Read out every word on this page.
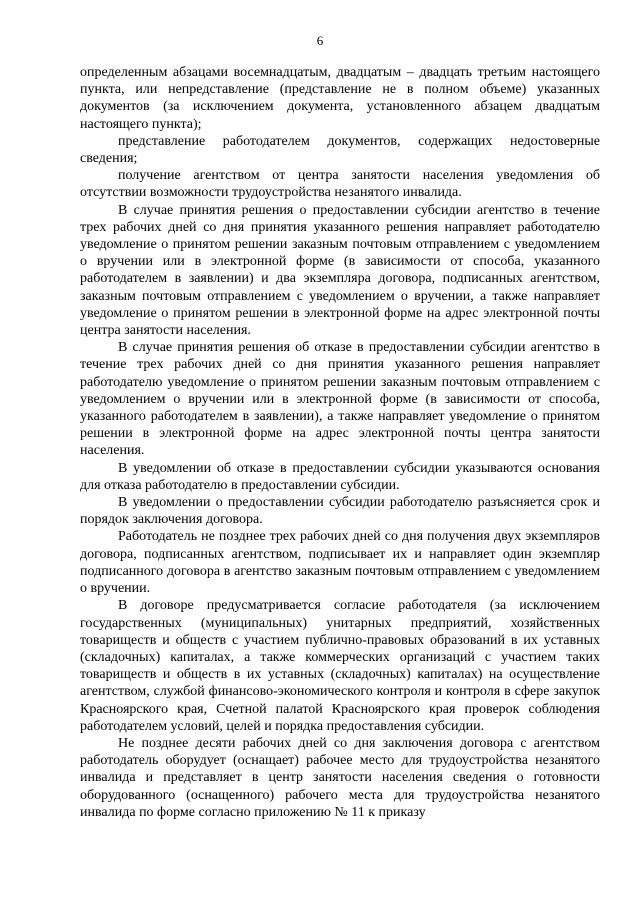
6

определенным абзацами восемнадцатым, двадцатым – двадцать третьим настоящего пункта, или непредставление (представление не в полном объеме) указанных документов (за исключением документа, установленного абзацем двадцатым настоящего пункта);

представление работодателем документов, содержащих недостоверные сведения;

получение агентством от центра занятости населения уведомления об отсутствии возможности трудоустройства незанятого инвалида.

В случае принятия решения о предоставлении субсидии агентство в течение трех рабочих дней со дня принятия указанного решения направляет работодателю уведомление о принятом решении заказным почтовым отправлением с уведомлением о вручении или в электронной форме (в зависимости от способа, указанного работодателем в заявлении) и два экземпляра договора, подписанных агентством, заказным почтовым отправлением с уведомлением о вручении, а также направляет уведомление о принятом решении в электронной форме на адрес электронной почты центра занятости населения.

В случае принятия решения об отказе в предоставлении субсидии агентство в течение трех рабочих дней со дня принятия указанного решения направляет работодателю уведомление о принятом решении заказным почтовым отправлением с уведомлением о вручении или в электронной форме (в зависимости от способа, указанного работодателем в заявлении), а также направляет уведомление о принятом решении в электронной форме на адрес электронной почты центра занятости населения.

В уведомлении об отказе в предоставлении субсидии указываются основания для отказа работодателю в предоставлении субсидии.

В уведомлении о предоставлении субсидии работодателю разъясняется срок и порядок заключения договора.

Работодатель не позднее трех рабочих дней со дня получения двух экземпляров договора, подписанных агентством, подписывает их и направляет один экземпляр подписанного договора в агентство заказным почтовым отправлением с уведомлением о вручении.

В договоре предусматривается согласие работодателя (за исключением государственных (муниципальных) унитарных предприятий, хозяйственных товариществ и обществ с участием публично-правовых образований в их уставных (складочных) капиталах, а также коммерческих организаций с участием таких товариществ и обществ в их уставных (складочных) капиталах) на осуществление агентством, службой финансово-экономического контроля и контроля в сфере закупок Красноярского края, Счетной палатой Красноярского края проверок соблюдения работодателем условий, целей и порядка предоставления субсидии.

Не позднее десяти рабочих дней со дня заключения договора с агентством работодатель оборудует (оснащает) рабочее место для трудоустройства незанятого инвалида и представляет в центр занятости населения сведения о готовности оборудованного (оснащенного) рабочего места для трудоустройства незанятого инвалида по форме согласно приложению № 11 к приказу
